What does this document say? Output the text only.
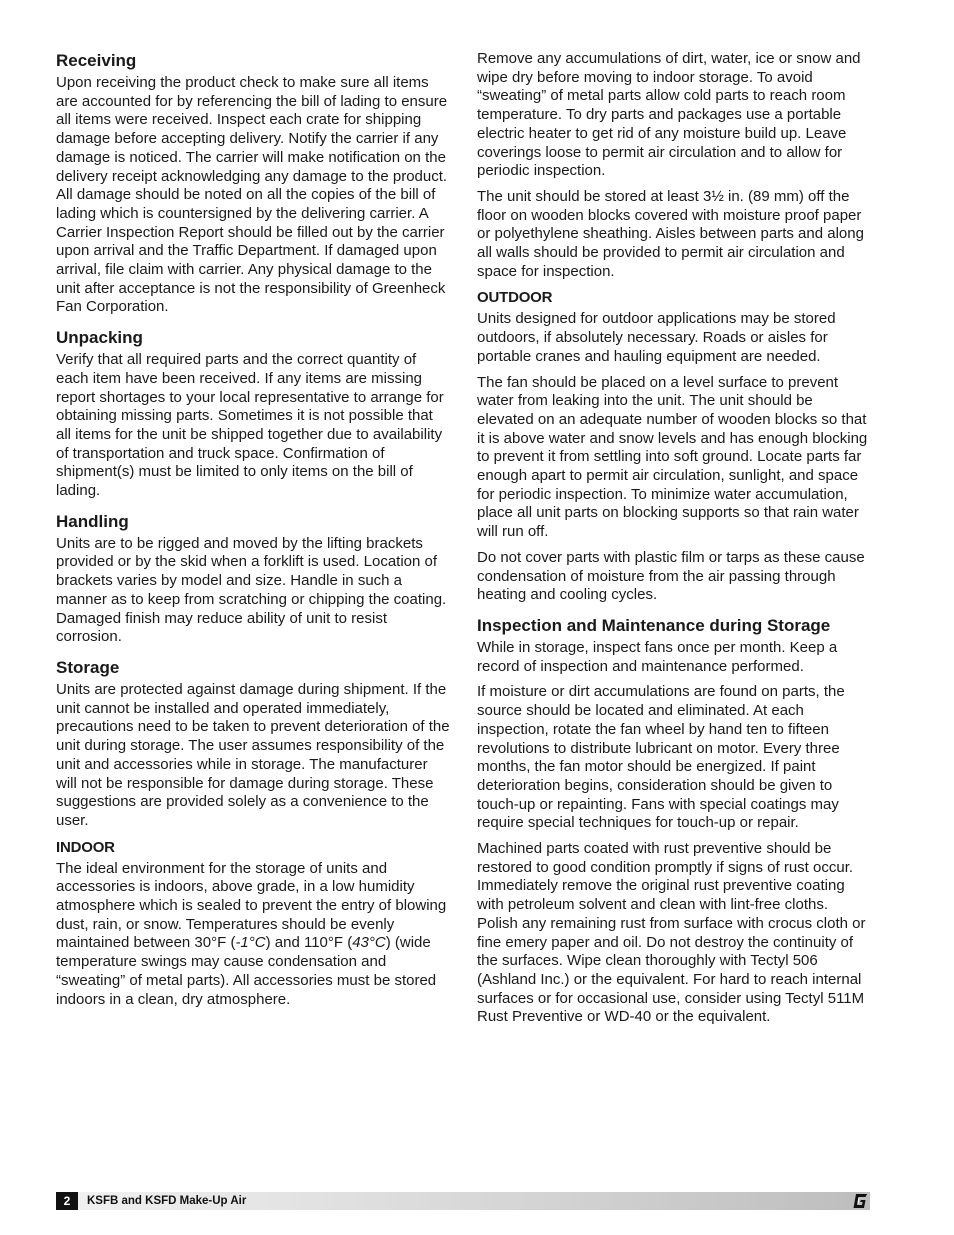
Receiving

Upon receiving the product check to make sure all items are accounted for by referencing the bill of lading to ensure all items were received. Inspect each crate for shipping damage before accepting delivery. Notify the carrier if any damage is noticed. The carrier will make notification on the delivery receipt acknowledging any damage to the product. All damage should be noted on all the copies of the bill of lading which is countersigned by the delivering carrier. A Carrier Inspection Report should be filled out by the carrier upon arrival and the Traffic Department. If damaged upon arrival, file claim with carrier. Any physical damage to the unit after acceptance is not the responsibility of Greenheck Fan Corporation.

Unpacking

Verify that all required parts and the correct quantity of each item have been received. If any items are missing report shortages to your local representative to arrange for obtaining missing parts. Sometimes it is not possible that all items for the unit be shipped together due to availability of transportation and truck space. Confirmation of shipment(s) must be limited to only items on the bill of lading.

Handling

Units are to be rigged and moved by the lifting brackets provided or by the skid when a forklift is used. Location of brackets varies by model and size. Handle in such a manner as to keep from scratching or chipping the coating. Damaged finish may reduce ability of unit to resist corrosion.

Storage

Units are protected against damage during shipment. If the unit cannot be installed and operated immediately, precautions need to be taken to prevent deterioration of the unit during storage. The user assumes responsibility of the unit and accessories while in storage. The manufacturer will not be responsible for damage during storage. These suggestions are provided solely as a convenience to the user.

INDOOR

The ideal environment for the storage of units and accessories is indoors, above grade, in a low humidity atmosphere which is sealed to prevent the entry of blowing dust, rain, or snow. Temperatures should be evenly maintained between 30°F (-1°C) and 110°F (43°C) (wide temperature swings may cause condensation and “sweating” of metal parts). All accessories must be stored indoors in a clean, dry atmosphere.

Remove any accumulations of dirt, water, ice or snow and wipe dry before moving to indoor storage. To avoid “sweating” of metal parts allow cold parts to reach room temperature. To dry parts and packages use a portable electric heater to get rid of any moisture build up. Leave coverings loose to permit air circulation and to allow for periodic inspection.

The unit should be stored at least 3½ in. (89 mm) off the floor on wooden blocks covered with moisture proof paper or polyethylene sheathing. Aisles between parts and along all walls should be provided to permit air circulation and space for inspection.

OUTDOOR

Units designed for outdoor applications may be stored outdoors, if absolutely necessary. Roads or aisles for portable cranes and hauling equipment are needed.

The fan should be placed on a level surface to prevent water from leaking into the unit. The unit should be elevated on an adequate number of wooden blocks so that it is above water and snow levels and has enough blocking to prevent it from settling into soft ground. Locate parts far enough apart to permit air circulation, sunlight, and space for periodic inspection. To minimize water accumulation, place all unit parts on blocking supports so that rain water will run off.

Do not cover parts with plastic film or tarps as these cause condensation of moisture from the air passing through heating and cooling cycles.

Inspection and Maintenance during Storage

While in storage, inspect fans once per month. Keep a record of inspection and maintenance performed.

If moisture or dirt accumulations are found on parts, the source should be located and eliminated. At each inspection, rotate the fan wheel by hand ten to fifteen revolutions to distribute lubricant on motor. Every three months, the fan motor should be energized. If paint deterioration begins, consideration should be given to touch-up or repainting. Fans with special coatings may require special techniques for touch-up or repair.

Machined parts coated with rust preventive should be restored to good condition promptly if signs of rust occur. Immediately remove the original rust preventive coating with petroleum solvent and clean with lint-free cloths. Polish any remaining rust from surface with crocus cloth or fine emery paper and oil. Do not destroy the continuity of the surfaces. Wipe clean thoroughly with Tectyl 506 (Ashland Inc.) or the equivalent. For hard to reach internal surfaces or for occasional use, consider using Tectyl 511M Rust Preventive or WD-40 or the equivalent.

2	KSFB and KSFD Make-Up Air
